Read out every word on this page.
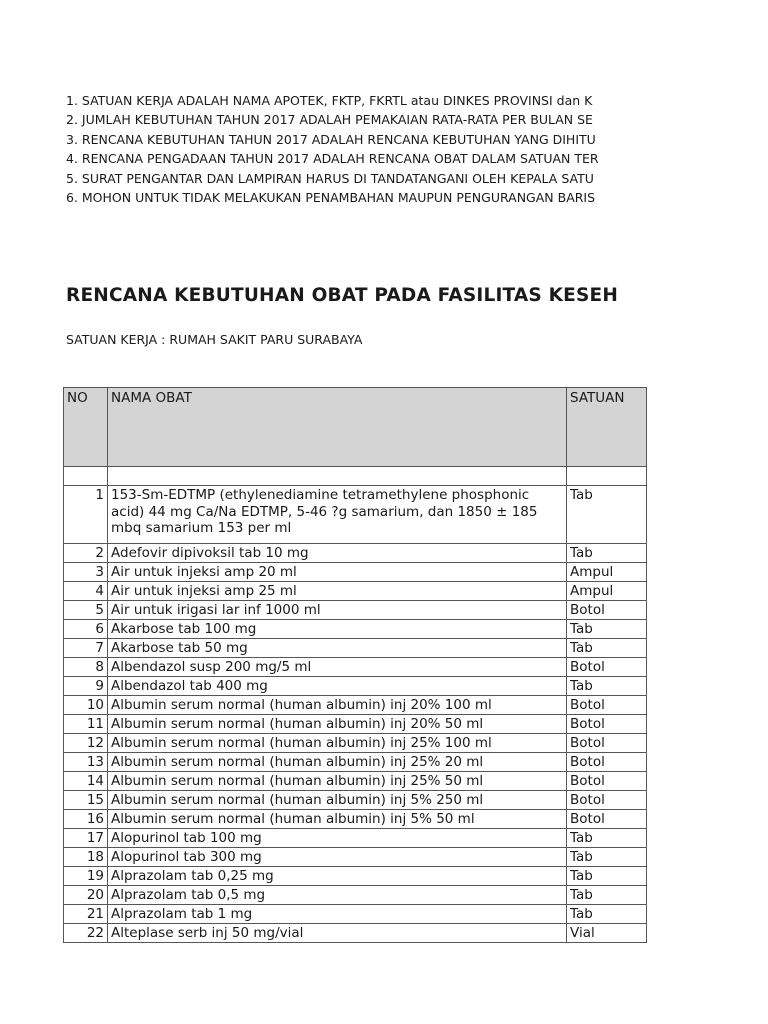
1. SATUAN KERJA ADALAH NAMA APOTEK, FKTP, FKRTL atau DINKES PROVINSI dan K
2. JUMLAH KEBUTUHAN TAHUN 2017 ADALAH PEMAKAIAN RATA-RATA PER BULAN SE
3. RENCANA KEBUTUHAN TAHUN 2017 ADALAH RENCANA KEBUTUHAN YANG DIHITU
4. RENCANA PENGADAAN TAHUN 2017 ADALAH RENCANA OBAT DALAM SATUAN TER
5. SURAT PENGANTAR DAN LAMPIRAN HARUS DI TANDATANGANI OLEH KEPALA SATU
6. MOHON UNTUK TIDAK MELAKUKAN PENAMBAHAN MAUPUN PENGURANGAN BARIS
RENCANA KEBUTUHAN OBAT PADA FASILITAS KESEH
SATUAN KERJA : RUMAH SAKIT PARU SURABAYA
NO	NAMA OBAT	SATUAN

1	153-Sm-EDTMP (ethylenediamine tetramethylene phosphonic acid) 44 mg Ca/Na EDTMP, 5-46 ?g samarium, dan 1850 ± 185 mbq samarium 153 per ml	Tab
2	Adefovir dipivoksil tab 10 mg	Tab
3	Air untuk injeksi amp 20 ml	Ampul
4	Air untuk injeksi amp 25 ml	Ampul
5	Air untuk irigasi lar inf 1000 ml	Botol
6	Akarbose tab 100 mg	Tab
7	Akarbose tab 50 mg	Tab
8	Albendazol susp 200 mg/5 ml	Botol
9	Albendazol tab 400 mg	Tab
10	Albumin serum normal (human albumin) inj 20% 100 ml	Botol
11	Albumin serum normal (human albumin) inj 20% 50 ml	Botol
12	Albumin serum normal (human albumin) inj 25% 100 ml	Botol
13	Albumin serum normal (human albumin) inj 25% 20 ml	Botol
14	Albumin serum normal (human albumin) inj 25% 50 ml	Botol
15	Albumin serum normal (human albumin) inj 5% 250 ml	Botol
16	Albumin serum normal (human albumin) inj 5% 50 ml	Botol
17	Alopurinol tab 100 mg	Tab
18	Alopurinol tab 300 mg	Tab
19	Alprazolam tab 0,25 mg	Tab
20	Alprazolam tab 0,5 mg	Tab
21	Alprazolam tab 1 mg	Tab
22	Alteplase serb inj 50 mg/vial	Vial
